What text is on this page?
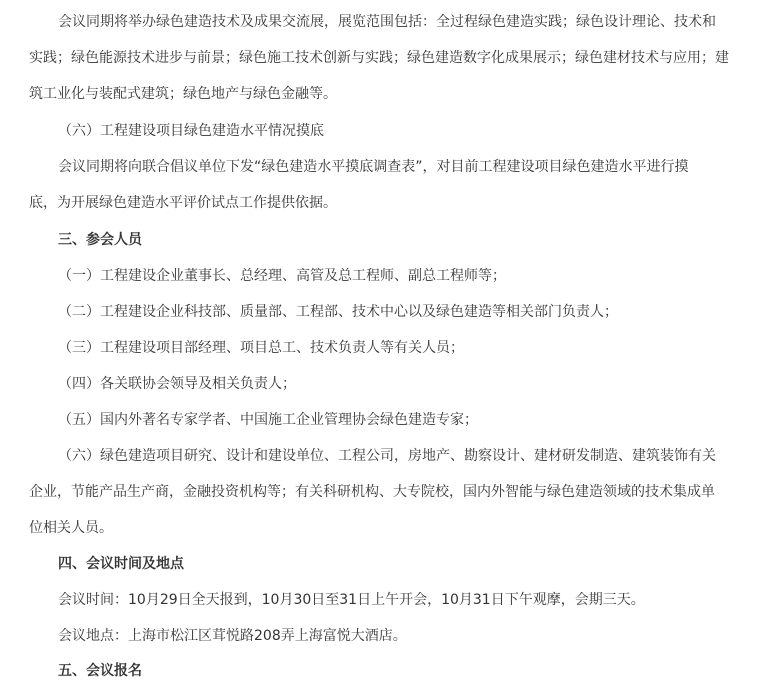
会议同期将举办绿色建造技术及成果交流展，展览范围包括：全过程绿色建造实践；绿色设计理论、技术和
实践；绿色能源技术进步与前景；绿色施工技术创新与实践；绿色建造数字化成果展示；绿色建材技术与应用；建
筑工业化与装配式建筑；绿色地产与绿色金融等。
（六）工程建设项目绿色建造水平情况摸底
会议同期将向联合倡议单位下发“绿色建造水平摸底调查表”，对目前工程建设项目绿色建造水平进行摸
底，为开展绿色建造水平评价试点工作提供依据。
三、参会人员
（一）工程建设企业董事长、总经理、高管及总工程师、副总工程师等；
（二）工程建设企业科技部、质量部、工程部、技术中心以及绿色建造等相关部门负责人；
（三）工程建设项目部经理、项目总工、技术负责人等有关人员；
（四）各关联协会领导及相关负责人；
（五）国内外著名专家学者、中国施工企业管理协会绿色建造专家；
（六）绿色建造项目研究、设计和建设单位、工程公司，房地产、勘察设计、建材研发制造、建筑装饰有关
企业，节能产品生产商，金融投资机构等；有关科研机构、大专院校，国内外智能与绿色建造领域的技术集成单
位相关人员。
四、会议时间及地点
会议时间：10月29日全天报到，10月30日至31日上午开会，10月31日下午观摩，会期三天。
会议地点：上海市松江区茸悦路208弄上海富悦大酒店。
五、会议报名
